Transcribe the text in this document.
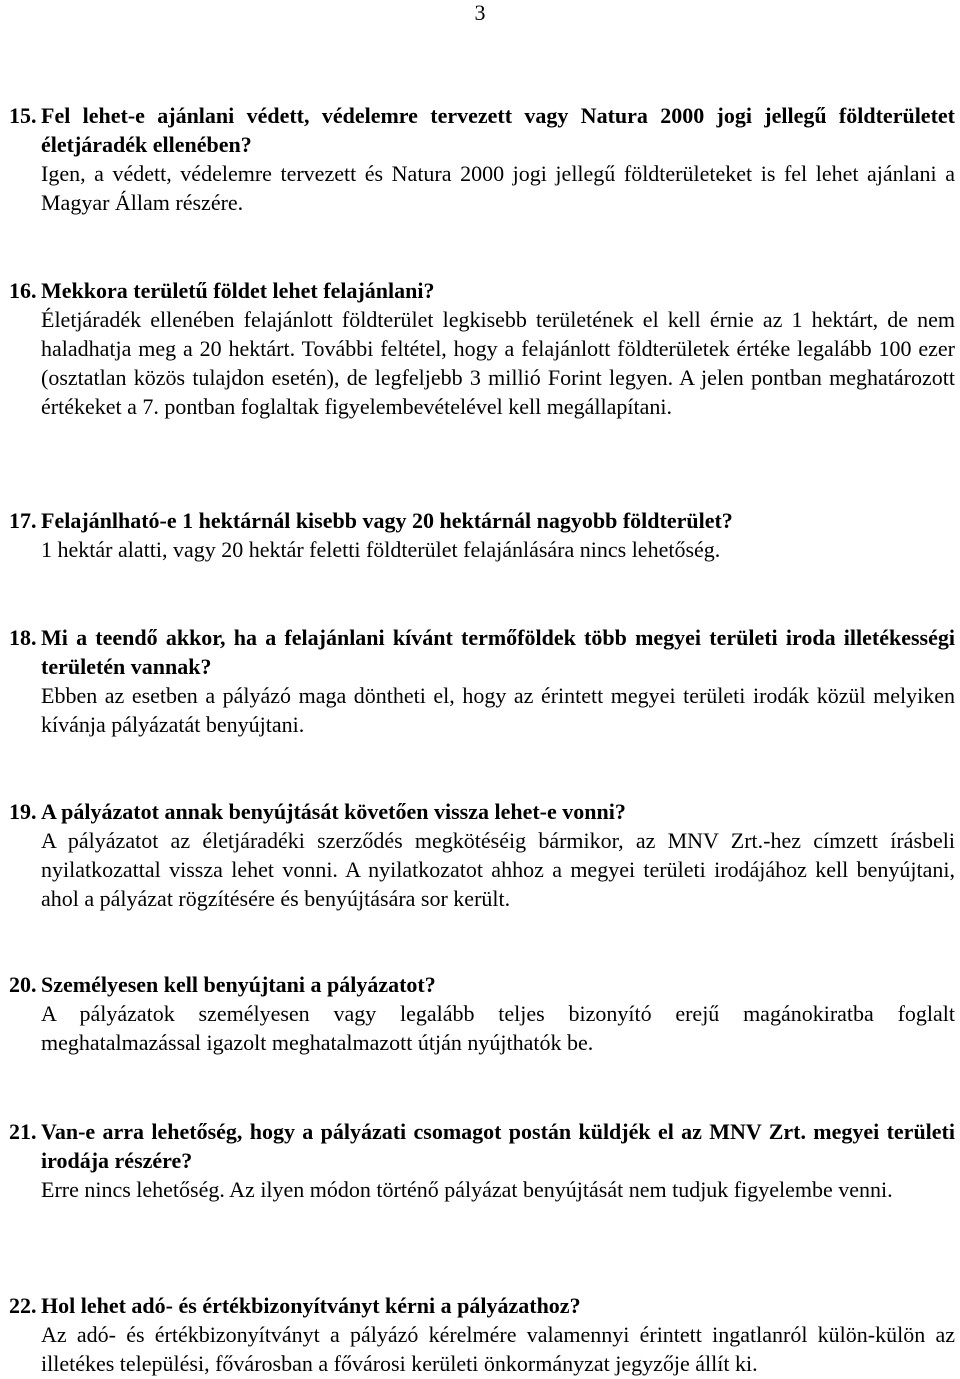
3
15. Fel lehet-e ajánlani védett, védelemre tervezett vagy Natura 2000 jogi jellegű földterületet életjáradék ellenében?
Igen, a védett, védelemre tervezett és Natura 2000 jogi jellegű földterületeket is fel lehet ajánlani a Magyar Állam részére.
16. Mekkora területű földet lehet felajánlani?
Életjáradék ellenében felajánlott földterület legkisebb területének el kell érnie az 1 hektárt, de nem haladhatja meg a 20 hektárt. További feltétel, hogy a felajánlott földterületek értéke legalább 100 ezer (osztatlan közös tulajdon esetén), de legfeljebb 3 millió Forint legyen. A jelen pontban meghatározott értékeket a 7. pontban foglaltak figyelembevételével kell megállapítani.
17. Felajánlható-e 1 hektárnál kisebb vagy 20 hektárnál nagyobb földterület?
1 hektár alatti, vagy 20 hektár feletti földterület felajánlására nincs lehetőség.
18. Mi a teendő akkor, ha a felajánlani kívánt termőföldek több megyei területi iroda illetékességi területén vannak?
Ebben az esetben a pályázó maga döntheti el, hogy az érintett megyei területi irodák közül melyiken kívánja pályázatát benyújtani.
19. A pályázatot annak benyújtását követően vissza lehet-e vonni?
A pályázatot az életjáradéki szerződés megkötéséig bármikor, az MNV Zrt.-hez címzett írásbeli nyilatkozattal vissza lehet vonni. A nyilatkozatot ahhoz a megyei területi irodájához kell benyújtani, ahol a pályázat rögzítésére és benyújtására sor került.
20. Személyesen kell benyújtani a pályázatot?
A pályázatok személyesen vagy legalább teljes bizonyító erejű magánokiratba foglalt meghatalmazással igazolt meghatalmazott útján nyújthatók be.
21. Van-e arra lehetőség, hogy a pályázati csomagot postán küldjék el az MNV Zrt. megyei területi irodája részére?
Erre nincs lehetőség. Az ilyen módon történő pályázat benyújtását nem tudjuk figyelembe venni.
22. Hol lehet adó- és értékbizonyítványt kérni a pályázathoz?
Az adó- és értékbizonyítványt a pályázó kérelmére valamennyi érintett ingatlanról külön-külön az illetékes települési, fővárosban a fővárosi kerületi önkormányzat jegyzője állít ki.
